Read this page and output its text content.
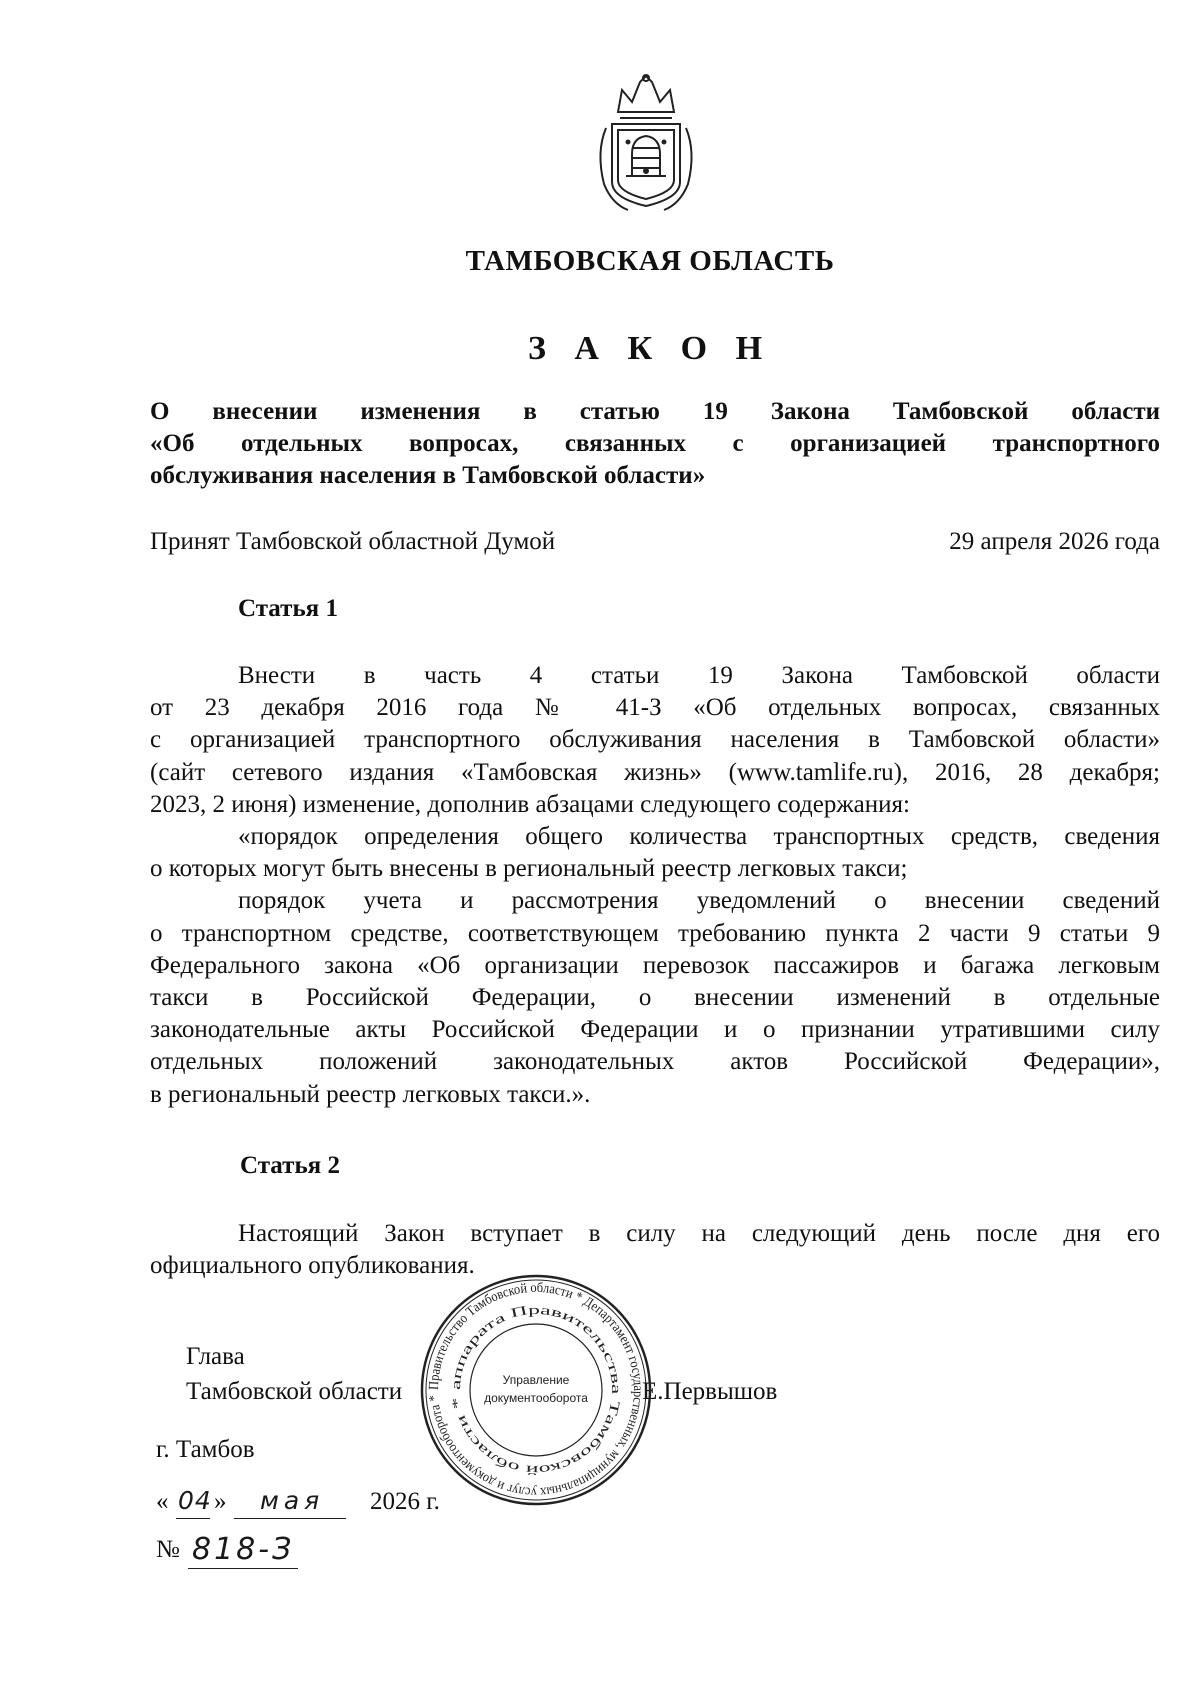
ТАМБОВСКАЯ ОБЛАСТЬ
З А К О Н
О внесении изменения в статью 19 Закона Тамбовской области
«Об отдельных вопросах, связанных с организацией транспортного
обслуживания населения в Тамбовской области»
Принят Тамбовской областной Думой	29 апреля 2026 года
Статья 1
Внести в часть 4 статьи 19 Закона Тамбовской области
от 23 декабря 2016 года № 41-З «Об отдельных вопросах, связанных
с организацией транспортного обслуживания населения в Тамбовской области»
(сайт сетевого издания «Тамбовская жизнь» (www.tamlife.ru), 2016, 28 декабря;
2023, 2 июня) изменение, дополнив абзацами следующего содержания:
«порядок определения общего количества транспортных средств, сведения
о которых могут быть внесены в региональный реестр легковых такси;
порядок учета и рассмотрения уведомлений о внесении сведений
о транспортном средстве, соответствующем требованию пункта 2 части 9 статьи 9
Федерального закона «Об организации перевозок пассажиров и багажа легковым
такси в Российской Федерации, о внесении изменений в отдельные
законодательные акты Российской Федерации и о признании утратившими силу
отдельных положений законодательных актов Российской Федерации»,
в региональный реестр легковых такси.».
Статья 2
Настоящий Закон вступает в силу на следующий день после дня его
официального опубликования.
Глава
Тамбовской области	Е.Первышов
г. Тамбов
« 04 » мая 2026 г.
№ 818-З
Правительство Тамбовской области * Департамент государственных, муниципальных услуг и документооборота *
аппарата Правительства Тамбовской области *
Управление
документооборота
